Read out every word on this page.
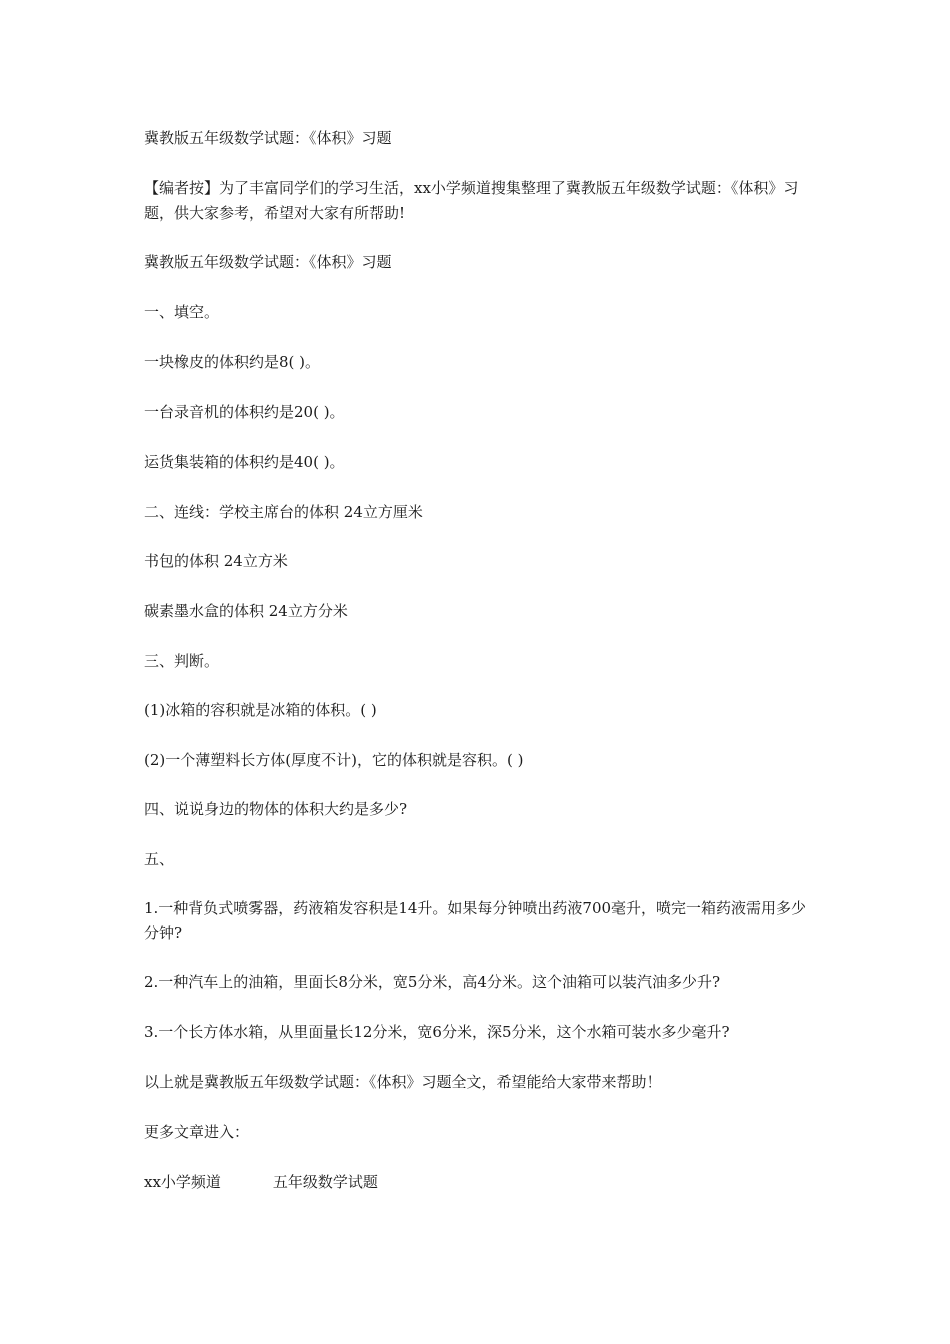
冀教版五年级数学试题：《体积》习题
【编者按】为了丰富同学们的学习生活，xx小学频道搜集整理了冀教版五年级数学试题：《体积》习题，供大家参考，希望对大家有所帮助!
冀教版五年级数学试题：《体积》习题
一、填空。
一块橡皮的体积约是8( )。
一台录音机的体积约是20( )。
运货集装箱的体积约是40( )。
二、连线：学校主席台的体积 24立方厘米
书包的体积 24立方米
碳素墨水盒的体积 24立方分米
三、判断。
(1)冰箱的容积就是冰箱的体积。( )
(2)一个薄塑料长方体(厚度不计)，它的体积就是容积。( )
四、说说身边的物体的体积大约是多少?
五、
1.一种背负式喷雾器，药液箱发容积是14升。如果每分钟喷出药液700毫升，喷完一箱药液需用多少分钟?
2.一种汽车上的油箱，里面长8分米，宽5分米，高4分米。这个油箱可以装汽油多少升?
3.一个长方体水箱，从里面量长12分米，宽6分米，深5分米，这个水箱可装水多少毫升?
以上就是冀教版五年级数学试题：《体积》习题全文，希望能给大家带来帮助！
更多文章进入：
xx小学频道	五年级数学试题
